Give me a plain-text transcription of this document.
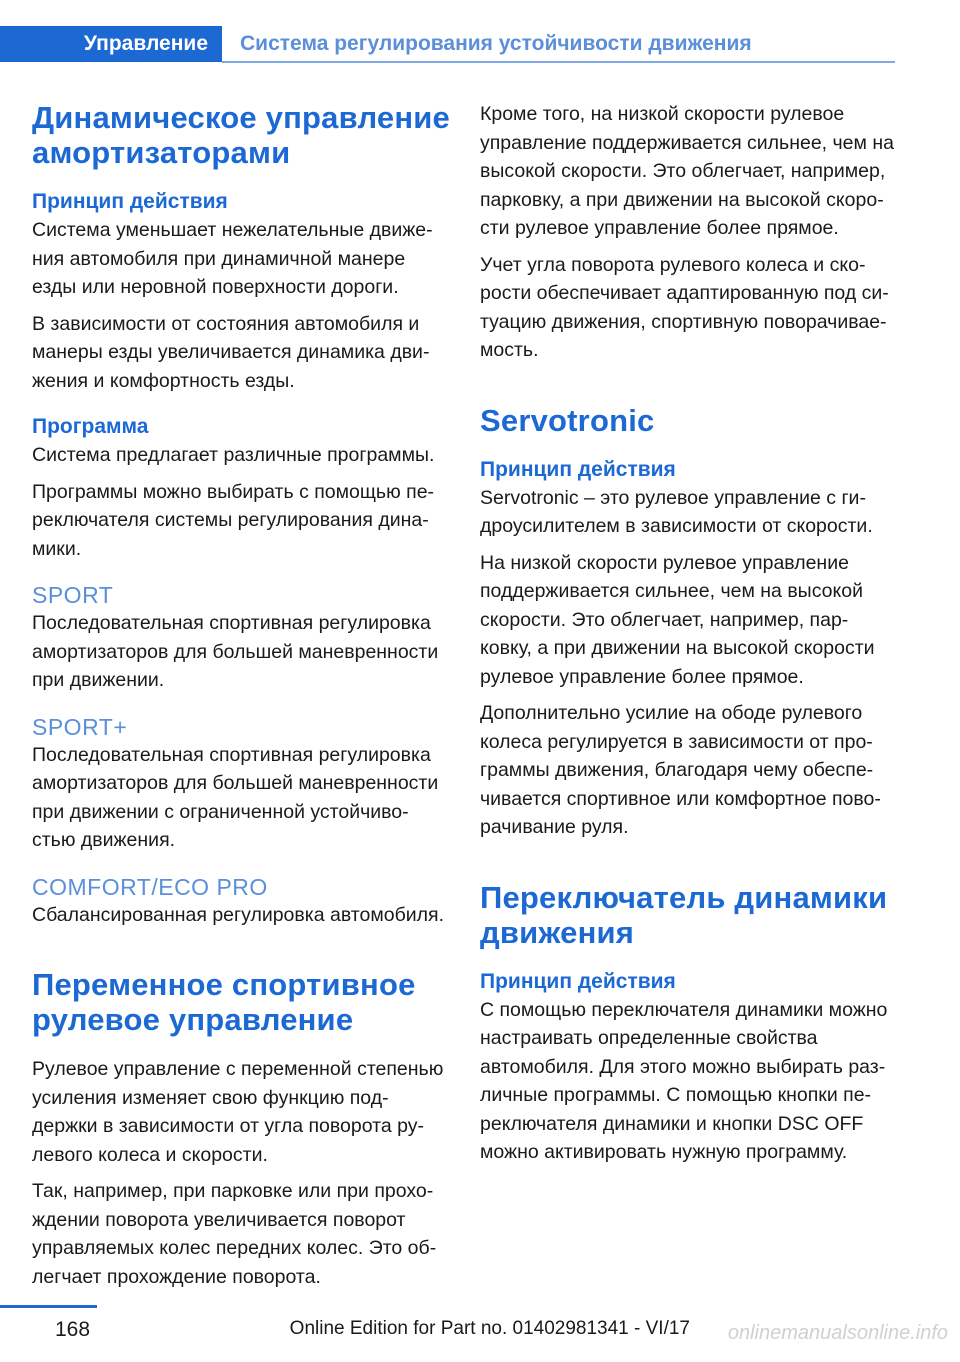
Управление	Система регулирования устойчивости движения
Динамическое управление амортизаторами
Принцип действия

Система уменьшает нежелательные движе-ния автомобиля при динамичной манере езды или неровной поверхности дороги.

В зависимости от состояния автомобиля и манеры езды увеличивается динамика дви-жения и комфортность езды.

Программа

Система предлагает различные программы.

Программы можно выбирать с помощью пе-реключателя системы регулирования дина-мики.

SPORT

Последовательная спортивная регулировка амортизаторов для большей маневренности при движении.

SPORT+

Последовательная спортивная регулировка амортизаторов для большей маневренности при движении с ограниченной устойчиво-стью движения.

COMFORT/ECO PRO

Сбалансированная регулировка автомобиля.

Переменное спортивное рулевое управление

Рулевое управление с переменной степенью усиления изменяет свою функцию под-держки в зависимости от угла поворота ру-левого колеса и скорости.

Так, например, при парковке или при прохо-ждении поворота увеличивается поворот управляемых колес передних колес. Это об-легчает прохождение поворота.

Кроме того, на низкой скорости рулевое управление поддерживается сильнее, чем на высокой скорости. Это облегчает, например, парковку, а при движении на высокой скоро-сти рулевое управление более прямое.

Учет угла поворота рулевого колеса и ско-рости обеспечивает адаптированную под си-туацию движения, спортивную поворачивае-мость.

Servotronic
Принцип действия

Servotronic – это рулевое управление с ги-дроусилителем в зависимости от скорости.

На низкой скорости рулевое управление поддерживается сильнее, чем на высокой скорости. Это облегчает, например, пар-ковку, а при движении на высокой скорости рулевое управление более прямое.

Дополнительно усилие на ободе рулевого колеса регулируется в зависимости от про-граммы движения, благодаря чему обеспе-чивается спортивное или комфортное пово-рачивание руля.

Переключатель динамики движения
Принцип действия

С помощью переключателя динамики можно настраивать определенные свойства автомобиля. Для этого можно выбирать раз-личные программы. С помощью кнопки пе-реключателя динамики и кнопки DSC OFF можно активировать нужную программу.

168	Online Edition for Part no. 01402981341 - VI/17 onlinemanualsonline.info
